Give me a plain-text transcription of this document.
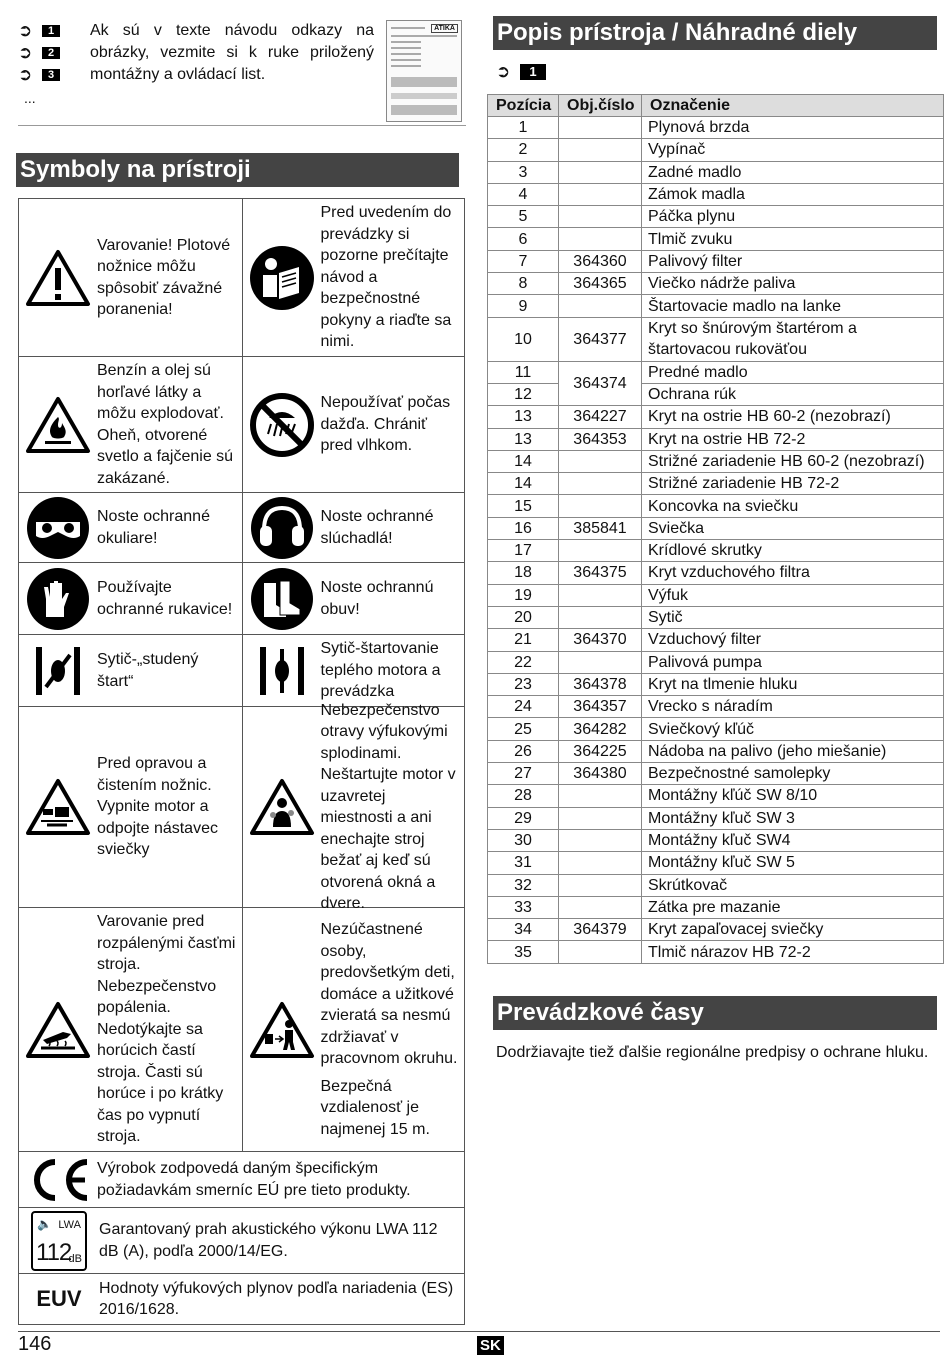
➲	1
➲	2
➲	3
...
Ak sú v texte návodu odkazy na obrázky, vezmite si k ruke priložený montážny a ovládací list.
ATIKA
Symboly na prístroji
Varovanie! Plotové nožnice môžu spôsobiť závažné poranenia!
Pred uvedením do prevádzky si pozorne prečítajte návod a bezpečnostné pokyny a riaďte sa nimi.
Benzín a olej sú horľavé látky a môžu explodovať. Oheň, otvorené svetlo a fajčenie sú zakázané.
Nepoužívať počas dažďa. Chrániť pred vlhkom.
Noste ochranné okuliare!
Noste ochranné slúchadlá!
Používajte ochranné rukavice!
Noste ochrannú obuv!
Sytič-„studený štart“
Sytič-štartovanie teplého motora a prevádzka
Pred opravou a čistením nožnic. Vypnite motor a odpojte nástavec sviečky
Nebezpečenstvo otravy výfukovými splodinami. Neštartujte motor v uzavretej miestnosti a ani enechajte stroj bežať aj keď sú otvorená okná a dvere.
Varovanie pred rozpálenými časťmi stroja. Nebezpečenstvo popálenia. Nedotýkajte sa horúcich častí stroja. Časti sú horúce i po krátky čas po vypnutí stroja.
Nezúčastnené osoby, predovšetkým deti, domáce a užitkové zvieratá sa nesmú zdržiavať v pracovnom okruhu.
Bezpečná vzdialenosť je najmenej 15 m.
Výrobok zodpovedá daným špecifickým požiadavkám smerníc EÚ pre tieto produkty.
🔈 LWA
112
dB
Garantovaný prah akustického výkonu LWA 112 dB (A), podľa 2000/14/EG.
EUV	Hodnoty výfukových plynov podľa nariadenia (ES) 2016/1628.
Popis prístroja / Náhradné diely
➲	1
Pozícia	Obj.číslo	Označenie
1		Plynová brzda
2		Vypínač
3		Zadné madlo
4		Zámok madla
5		Páčka plynu
6		Tlmič zvuku
7	364360	Palivový filter
8	364365	Viečko nádrže paliva
9		Štartovacie madlo na lanke
10	364377	Kryt so šnúrovým štartérom a štartovacou rukoväťou
11	364374	Predné madlo
12		Ochrana rúk
13	364227	Kryt na ostrie HB 60-2 (nezobrazí)
13	364353	Kryt na ostrie HB 72-2
14		Strižné zariadenie HB 60-2 (nezobrazí)
14		Strižné zariadenie HB 72-2
15		Koncovka na sviečku
16	385841	Sviečka
17		Krídlové skrutky
18	364375	Kryt vzduchového filtra
19		Výfuk
20		Sytič
21	364370	Vzduchový filter
22		Palivová pumpa
23	364378	Kryt na tlmenie hluku
24	364357	Vrecko s náradím
25	364282	Sviečkový kľúč
26	364225	Nádoba na palivo (jeho miešanie)
27	364380	Bezpečnostné samolepky
28		Montážny kľúč SW 8/10
29		Montážny kľuč SW 3
30		Montážny kľuč SW4
31		Montážny kľuč SW 5
32		Skrútkovač
33		Zátka pre mazanie
34	364379	Kryt zapaľovacej sviečky
35		Tlmič nárazov HB 72-2
Prevádzkové časy
Dodržiavajte tiež ďalšie regionálne predpisy o ochrane hluku.
146	SK
